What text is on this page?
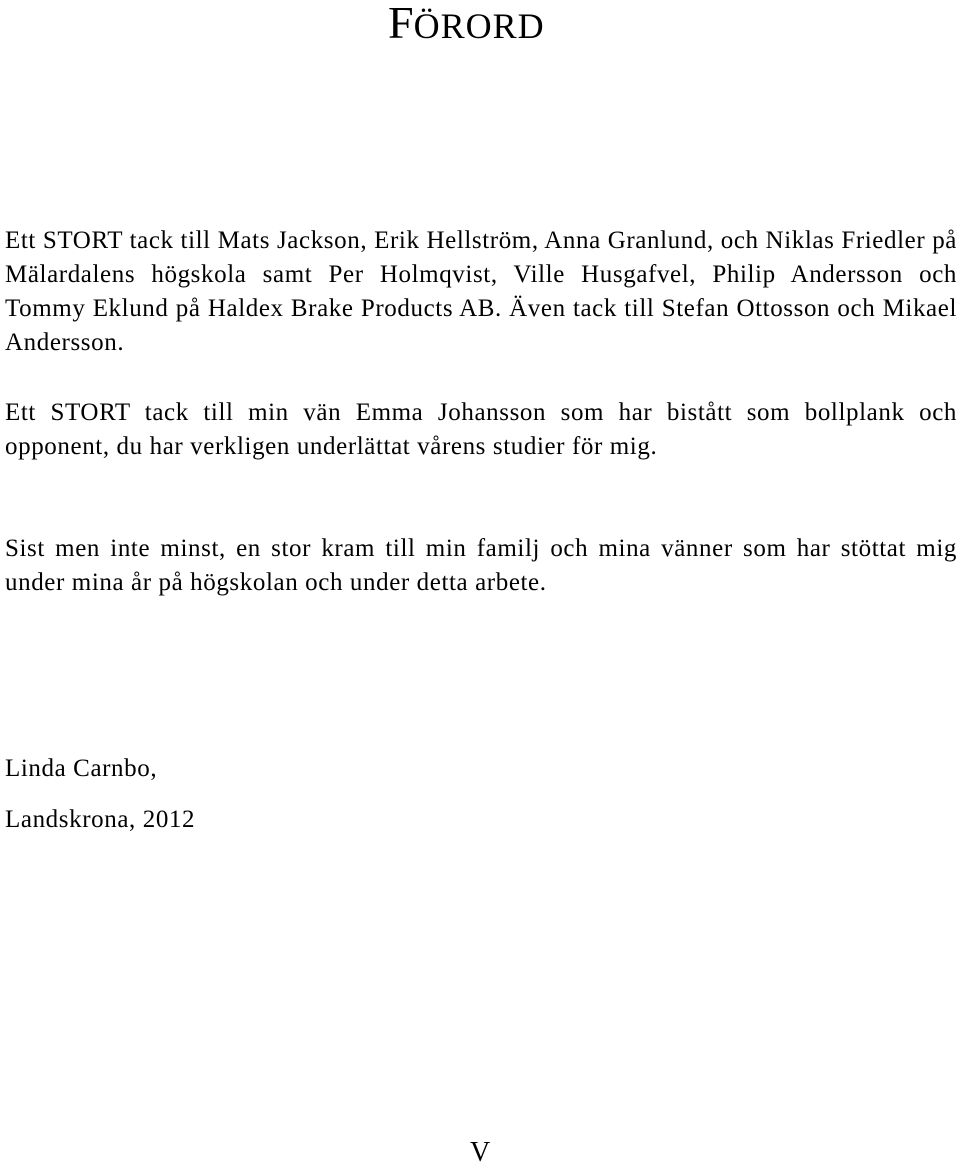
FÖRORD

Ett STORT tack till Mats Jackson, Erik Hellström, Anna Granlund, och Niklas Friedler på Mälardalens högskola samt Per Holmqvist, Ville Husgafvel, Philip Andersson och Tommy Eklund på Haldex Brake Products AB. Även tack till Stefan Ottosson och Mikael Andersson.

Ett STORT tack till min vän Emma Johansson som har bistått som bollplank och opponent, du har verkligen underlättat vårens studier för mig.

Sist men inte minst, en stor kram till min familj och mina vänner som har stöttat mig under mina år på högskolan och under detta arbete.

Linda Carnbo,

Landskrona, 2012

V
